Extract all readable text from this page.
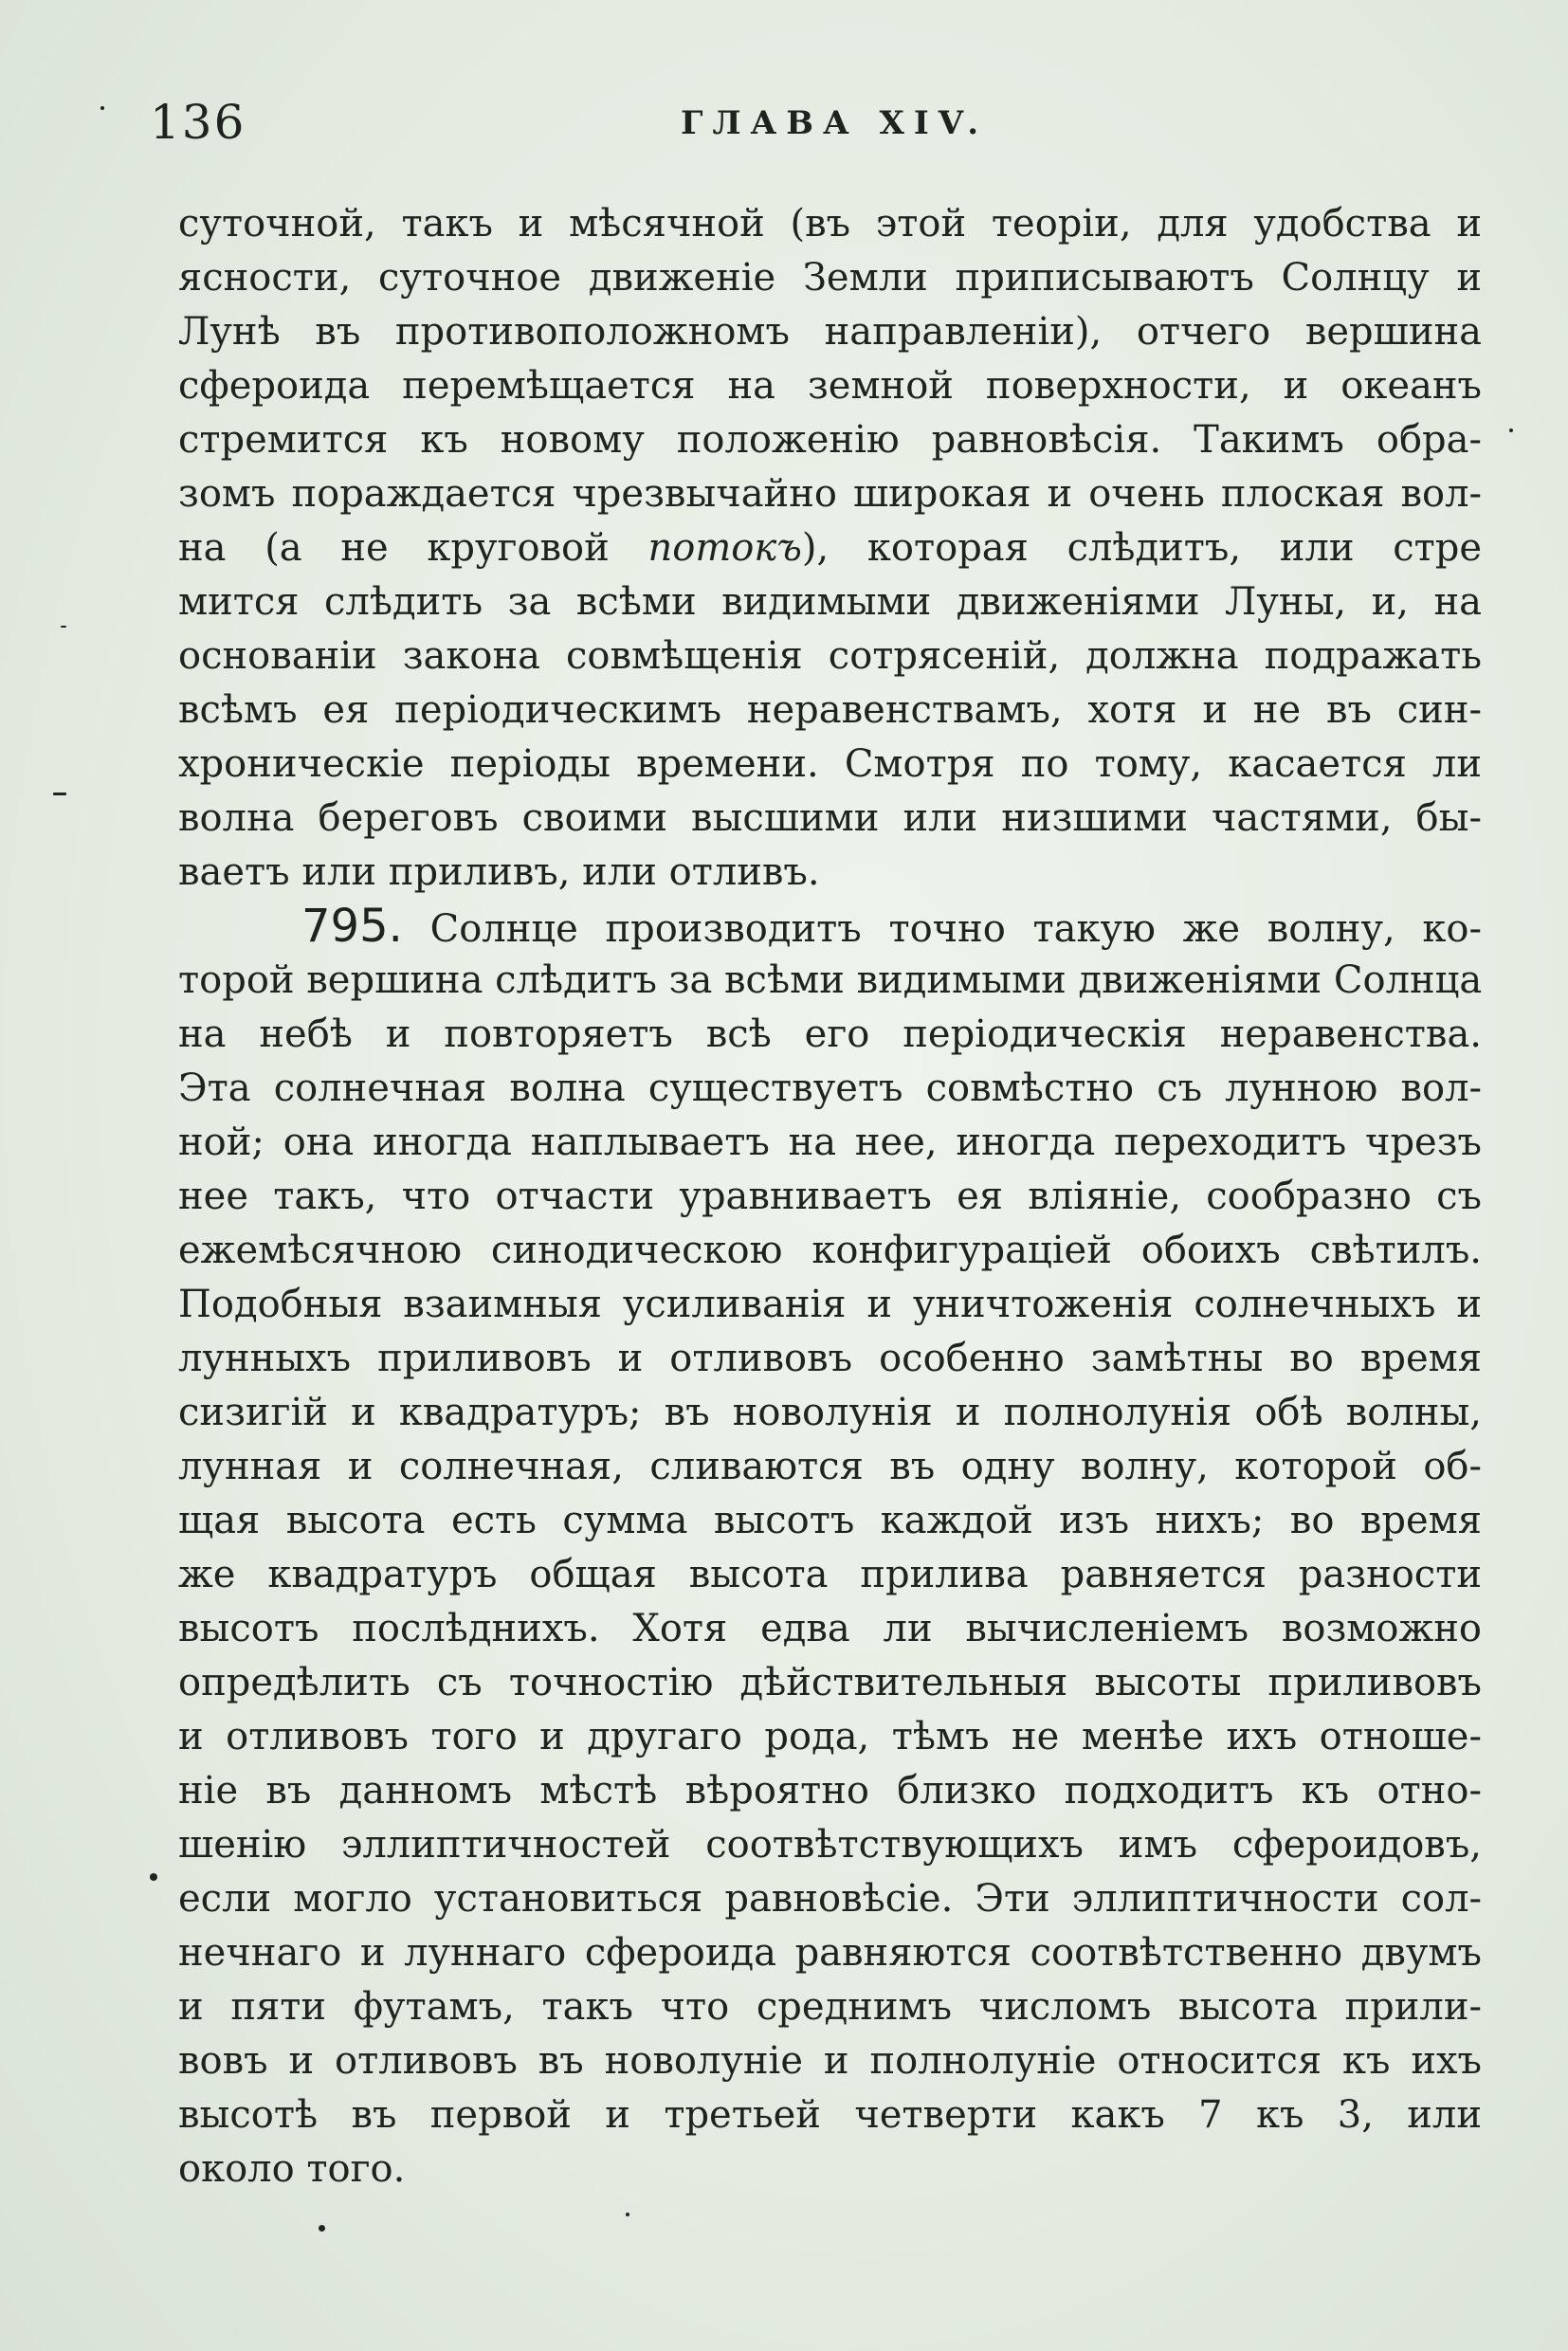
136	ГЛАВА XIV.
суточной, такъ и мѣсячной (въ этой теоріи, для удобства и
ясности, суточное движеніе Земли приписываютъ Солнцу и
Лунѣ въ противоположномъ направленіи), отчего вершина
сфероида перемѣщается на земной поверхности, и океанъ
стремится къ новому положенію равновѣсія. Такимъ обра-
зомъ пораждается чрезвычайно широкая и очень плоская вол-
на (а не круговой потокъ), которая слѣдитъ, или стре
мится слѣдить за всѣми видимыми движеніями Луны, и, на
основаніи закона совмѣщенія сотрясеній, должна подражать
всѣмъ ея періодическимъ неравенствамъ, хотя и не въ син-
хроническіе періоды времени. Смотря по тому, касается ли
волна береговъ своими высшими или низшими частями, бы-
ваетъ или приливъ, или отливъ.
795. Солнце производитъ точно такую же волну, ко-
торой вершина слѣдитъ за всѣми видимыми движеніями Солнца
на небѣ и повторяетъ всѣ его періодическія неравенства.
Эта солнечная волна существуетъ совмѣстно съ лунною вол-
ной; она иногда наплываетъ на нее, иногда переходитъ чрезъ
нее такъ, что отчасти уравниваетъ ея вліяніе, сообразно съ
ежемѣсячною синодическою конфигураціей обоихъ свѣтилъ.
Подобныя взаимныя усиливанія и уничтоженія солнечныхъ и
лунныхъ приливовъ и отливовъ особенно замѣтны во время
сизигій и квадратуръ; въ новолунія и полнолунія обѣ волны,
лунная и солнечная, сливаются въ одну волну, которой об-
щая высота есть сумма высотъ каждой изъ нихъ; во время
же квадратуръ общая высота прилива равняется разности
высотъ послѣднихъ. Хотя едва ли вычисленіемъ возможно
опредѣлить съ точностію дѣйствительныя высоты приливовъ
и отливовъ того и другаго рода, тѣмъ не менѣе ихъ отноше-
ніе въ данномъ мѣстѣ вѣроятно близко подходитъ къ отно-
шенію эллиптичностей соотвѣтствующихъ имъ сфероидовъ,
если могло установиться равновѣсіе. Эти эллиптичности сол-
нечнаго и луннаго сфероида равняются соотвѣтственно двумъ
и пяти футамъ, такъ что среднимъ числомъ высота прили-
вовъ и отливовъ въ новолуніе и полнолуніе относится къ ихъ
высотѣ въ первой и третьей четверти какъ 7 къ 3, или
около того.
